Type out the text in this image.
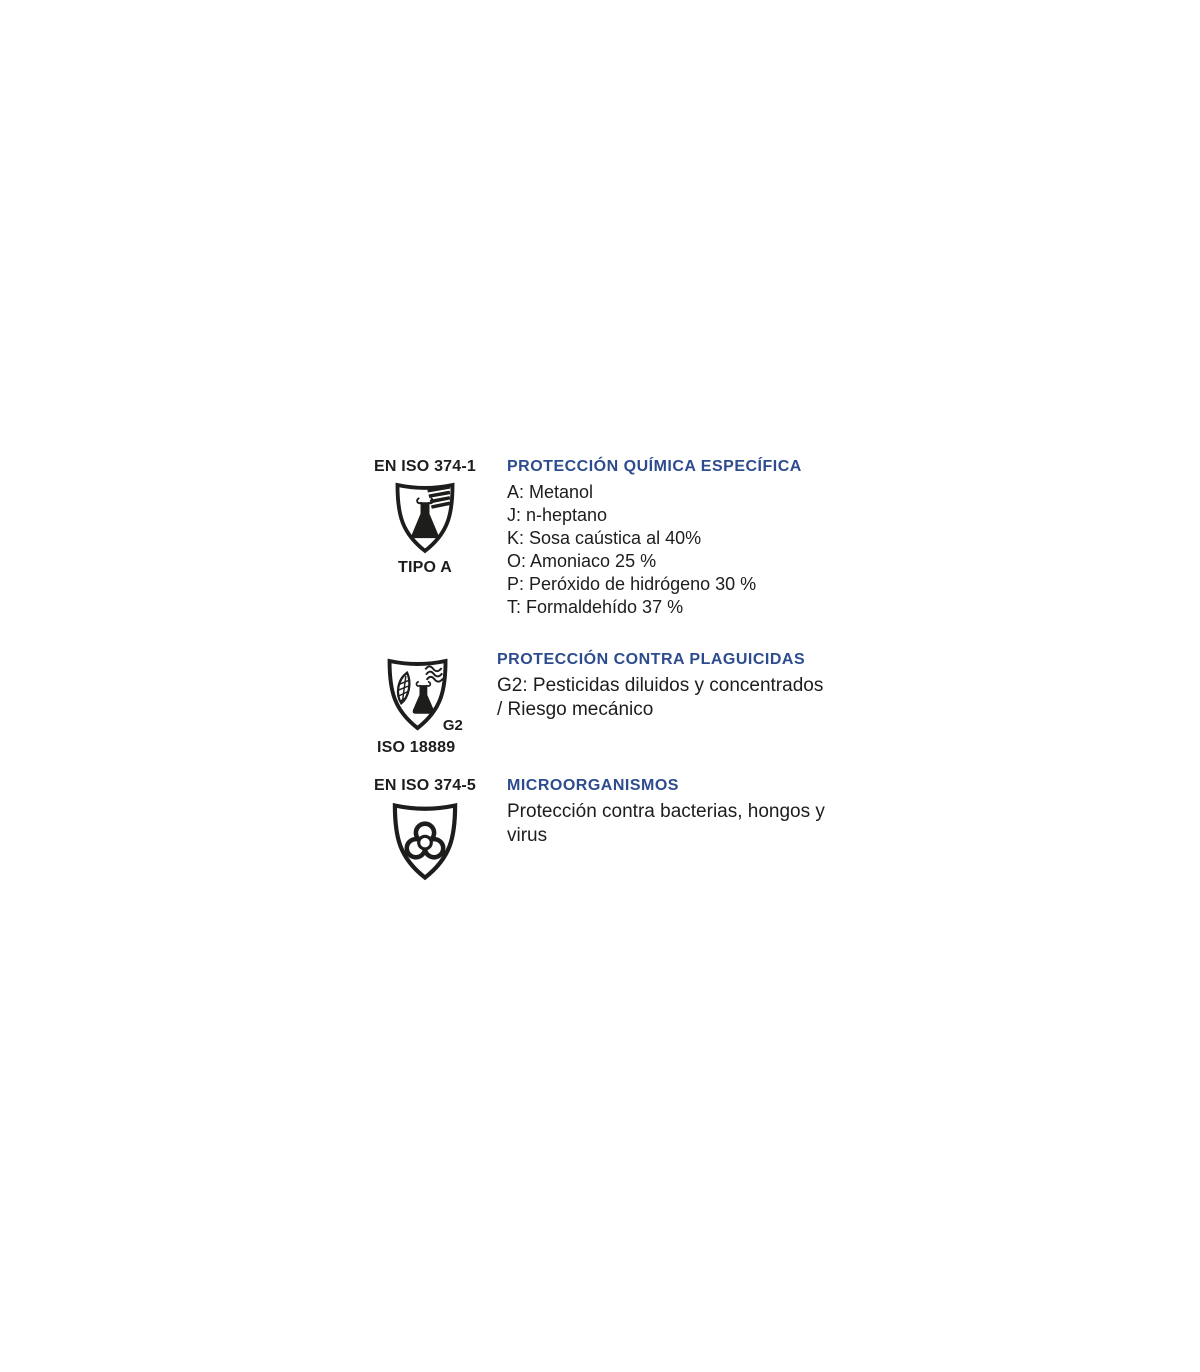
EN ISO 374-1
TIPO A
PROTECCIÓN QUÍMICA ESPECÍFICA

A: Metanol

J: n-heptano

K: Sosa caústica al 40%

O: Amoniaco 25 %

P: Peróxido de hidrógeno 30 %

T: Formaldehído 37 %

G2
ISO 18889
PROTECCIÓN CONTRA PLAGUICIDAS

G2: Pesticidas diluidos y concentrados

/ Riesgo mecánico

EN ISO 374-5 MICROORGANISMOS

Protección contra bacterias, hongos y

virus
